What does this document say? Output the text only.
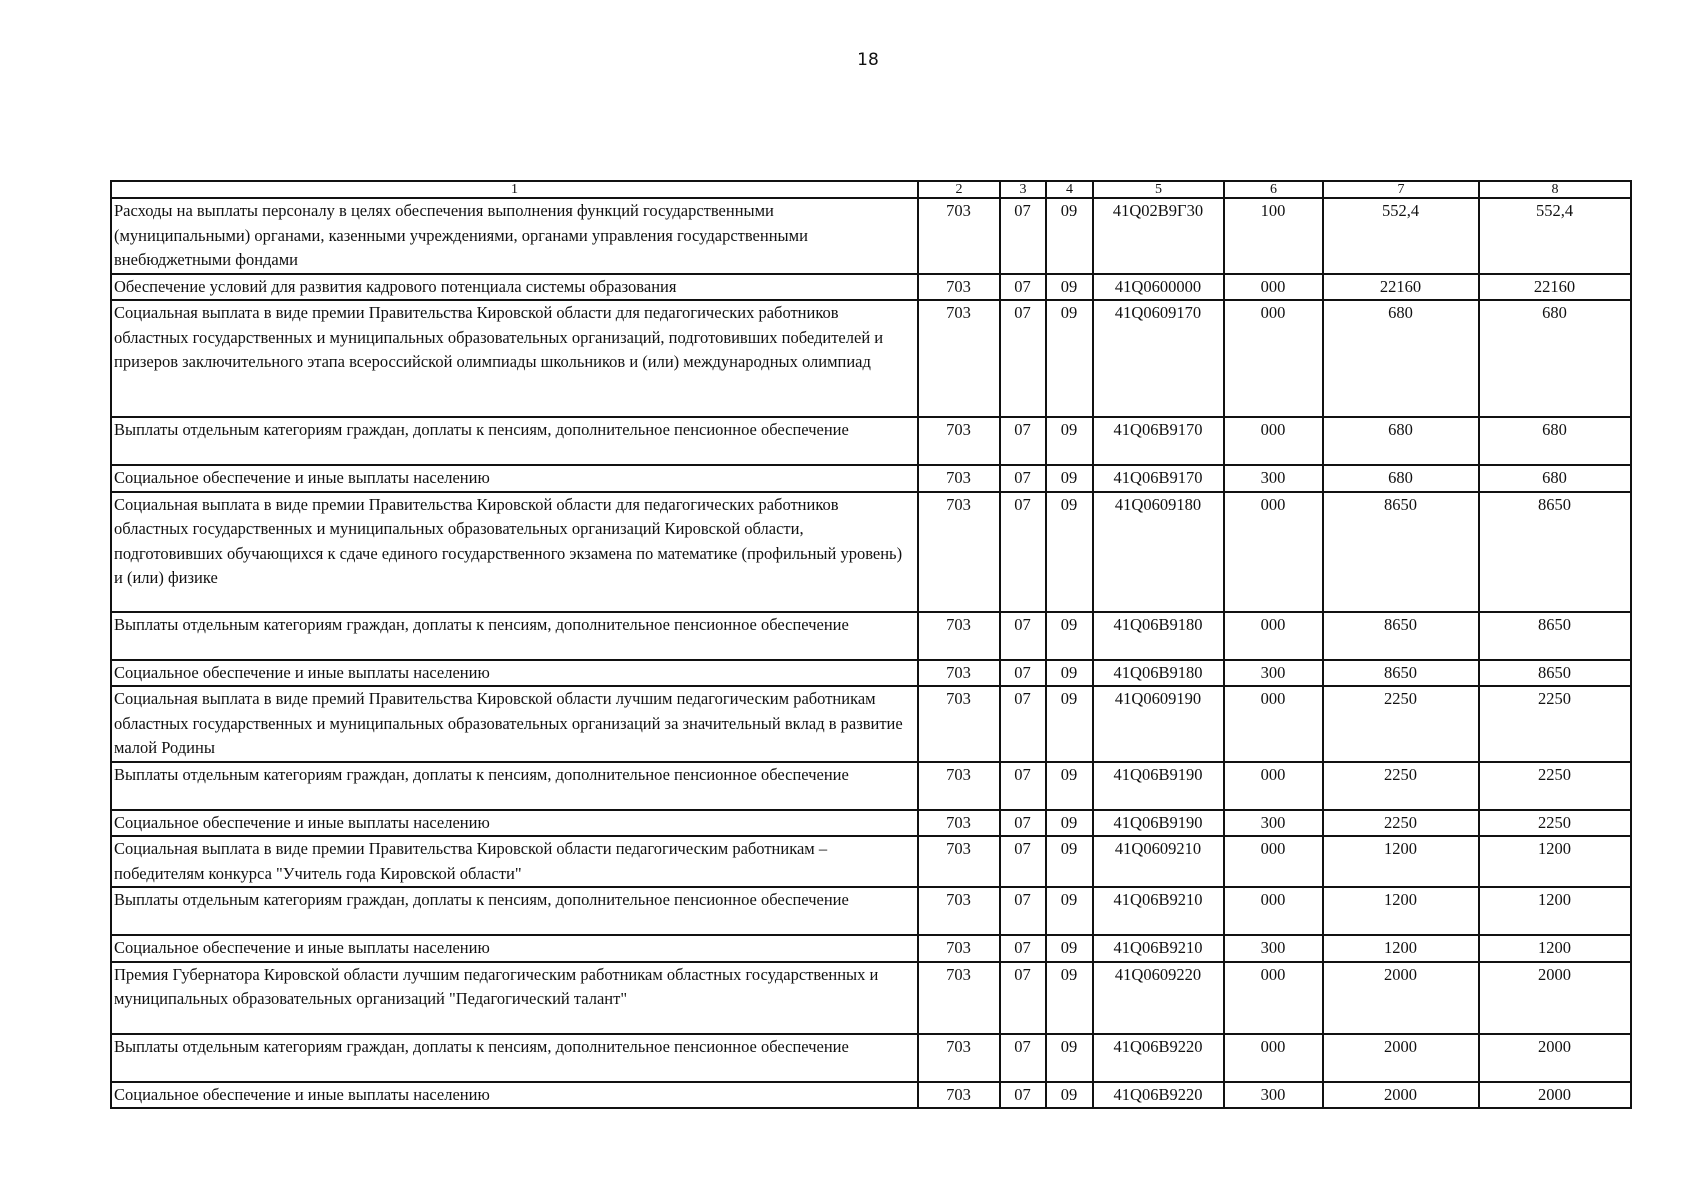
18
1	2	3	4	5	6	7	8
Расходы на выплаты персоналу в целях обеспечения выполнения функций государственными (муниципальными) органами, казенными учреждениями, органами управления государственными внебюджетными фондами	703	07	09	41Q02B9Г30	100	552,4	552,4
Обеспечение условий для развития кадрового потенциала системы образования	703	07	09	41Q0600000	000	22160	22160
Социальная выплата в виде премии Правительства Кировской области для педагогических работников областных государственных и муниципальных образовательных организаций, подготовивших победителей и призеров заключительного этапа всероссийской олимпиады школьников и (или) международных олимпиад	703	07	09	41Q0609170	000	680	680
Выплаты отдельным категориям граждан, доплаты к пенсиям, дополнительное пенсионное обеспечение	703	07	09	41Q06B9170	000	680	680
Социальное обеспечение и иные выплаты населению	703	07	09	41Q06B9170	300	680	680
Социальная выплата в виде премии Правительства Кировской области для педагогических работников областных государственных и муниципальных образовательных организаций Кировской области, подготовивших обучающихся к сдаче единого государственного экзамена по математике (профильный уровень) и (или) физике	703	07	09	41Q0609180	000	8650	8650
Выплаты отдельным категориям граждан, доплаты к пенсиям, дополнительное пенсионное обеспечение	703	07	09	41Q06B9180	000	8650	8650
Социальное обеспечение и иные выплаты населению	703	07	09	41Q06B9180	300	8650	8650
Социальная выплата в виде премий Правительства Кировской области лучшим педагогическим работникам областных государственных и муниципальных образовательных организаций за значительный вклад в развитие малой Родины	703	07	09	41Q0609190	000	2250	2250
Выплаты отдельным категориям граждан, доплаты к пенсиям, дополнительное пенсионное обеспечение	703	07	09	41Q06B9190	000	2250	2250
Социальное обеспечение и иные выплаты населению	703	07	09	41Q06B9190	300	2250	2250
Социальная выплата в виде премии Правительства Кировской области педагогическим работникам – победителям конкурса "Учитель года Кировской области"	703	07	09	41Q0609210	000	1200	1200
Выплаты отдельным категориям граждан, доплаты к пенсиям, дополнительное пенсионное обеспечение	703	07	09	41Q06B9210	000	1200	1200
Социальное обеспечение и иные выплаты населению	703	07	09	41Q06B9210	300	1200	1200
Премия Губернатора Кировской области лучшим педагогическим работникам областных государственных и муниципальных образовательных организаций "Педагогический талант"	703	07	09	41Q0609220	000	2000	2000
Выплаты отдельным категориям граждан, доплаты к пенсиям, дополнительное пенсионное обеспечение	703	07	09	41Q06B9220	000	2000	2000
Социальное обеспечение и иные выплаты населению	703	07	09	41Q06B9220	300	2000	2000
